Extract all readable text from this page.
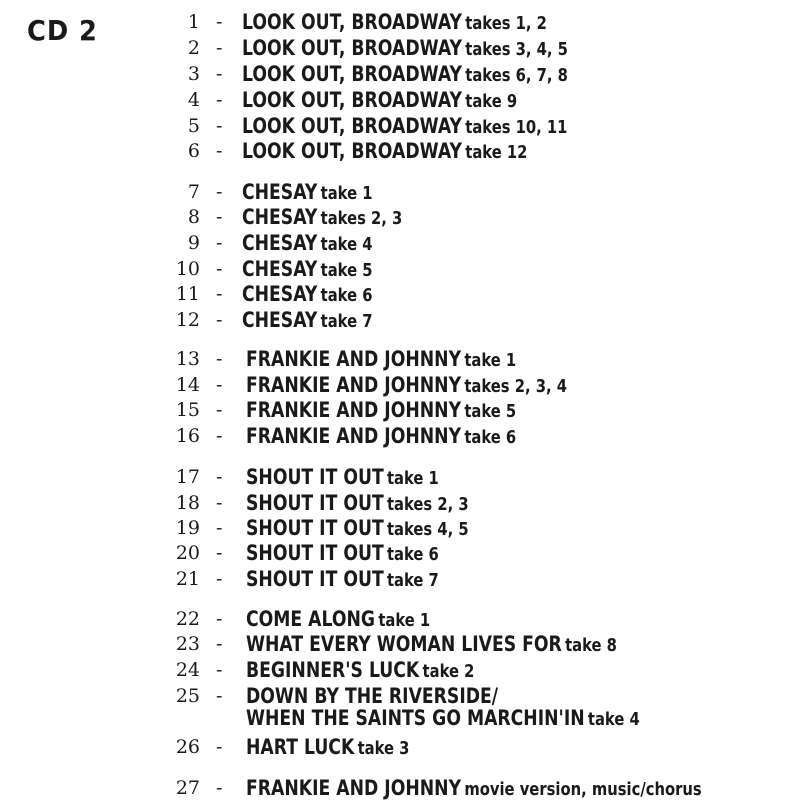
CD 2	1 - LOOK OUT, BROADWAY takes 1, 2
2 - LOOK OUT, BROADWAY takes 3, 4, 5
3 - LOOK OUT, BROADWAY takes 6, 7, 8
4 - LOOK OUT, BROADWAY take 9
5 - LOOK OUT, BROADWAY takes 10, 11
6 - LOOK OUT, BROADWAY take 12
7 - CHESAY take 1
8 - CHESAY takes 2, 3
9 - CHESAY take 4
10 - CHESAY take 5
11 - CHESAY take 6
12 - CHESAY take 7
13 - FRANKIE AND JOHNNY take 1
14 - FRANKIE AND JOHNNY takes 2, 3, 4
15 - FRANKIE AND JOHNNY take 5
16 - FRANKIE AND JOHNNY take 6
17 - SHOUT IT OUT take 1
18 - SHOUT IT OUT takes 2, 3
19 - SHOUT IT OUT takes 4, 5
20 - SHOUT IT OUT take 6
21 - SHOUT IT OUT take 7
22 - COME ALONG take 1
23 - WHAT EVERY WOMAN LIVES FOR take 8
24 - BEGINNER'S LUCK take 2
25 - DOWN BY THE RIVERSIDE/
WHEN THE SAINTS GO MARCHIN'IN take 4
26 - HART LUCK take 3
27 - FRANKIE AND JOHNNY movie version, music/chorus
